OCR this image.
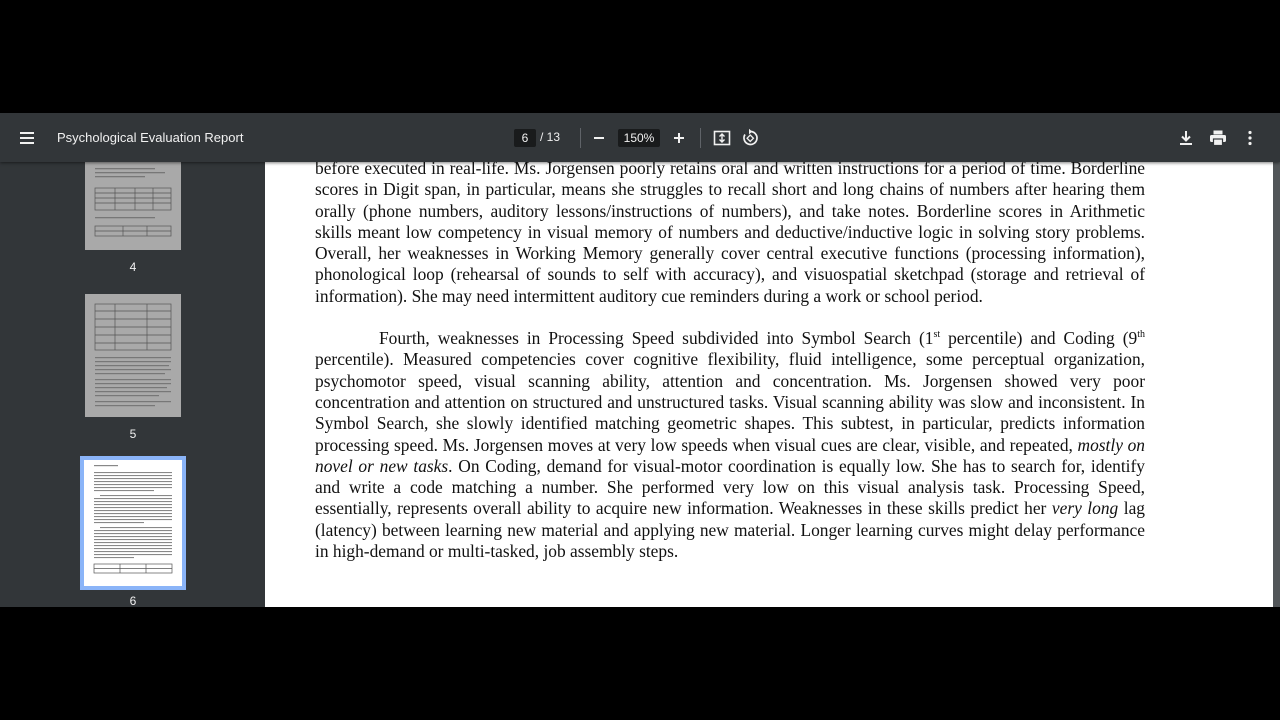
Psychological Evaluation Report	6 / 13	150%
4
5
6

before executed in real-life. Ms. Jorgensen poorly retains oral and written instructions for a period of time. Borderline scores in Digit span, in particular, means she struggles to recall short and long chains of numbers after hearing them orally (phone numbers, auditory lessons/instructions of numbers), and take notes. Borderline scores in Arithmetic skills meant low competency in visual memory of numbers and deductive/inductive logic in solving story problems. Overall, her weaknesses in Working Memory generally cover central executive functions (processing information), phonological loop (rehearsal of sounds to self with accuracy), and visuospatial sketchpad (storage and retrieval of information). She may need intermittent auditory cue reminders during a work or school period.

Fourth, weaknesses in Processing Speed subdivided into Symbol Search (1st percentile) and Coding (9th percentile). Measured competencies cover cognitive flexibility, fluid intelligence, some perceptual organization, psychomotor speed, visual scanning ability, attention and concentration. Ms. Jorgensen showed very poor concentration and attention on structured and unstructured tasks. Visual scanning ability was slow and inconsistent. In Symbol Search, she slowly identified matching geometric shapes. This subtest, in particular, predicts information processing speed. Ms. Jorgensen moves at very low speeds when visual cues are clear, visible, and repeated, mostly on novel or new tasks. On Coding, demand for visual-motor coordination is equally low. She has to search for, identify and write a code matching a number. She performed very low on this visual analysis task. Processing Speed, essentially, represents overall ability to acquire new information. Weaknesses in these skills predict her very long lag (latency) between learning new material and applying new material. Longer learning curves might delay performance in high-demand or multi-tasked, job assembly steps.
